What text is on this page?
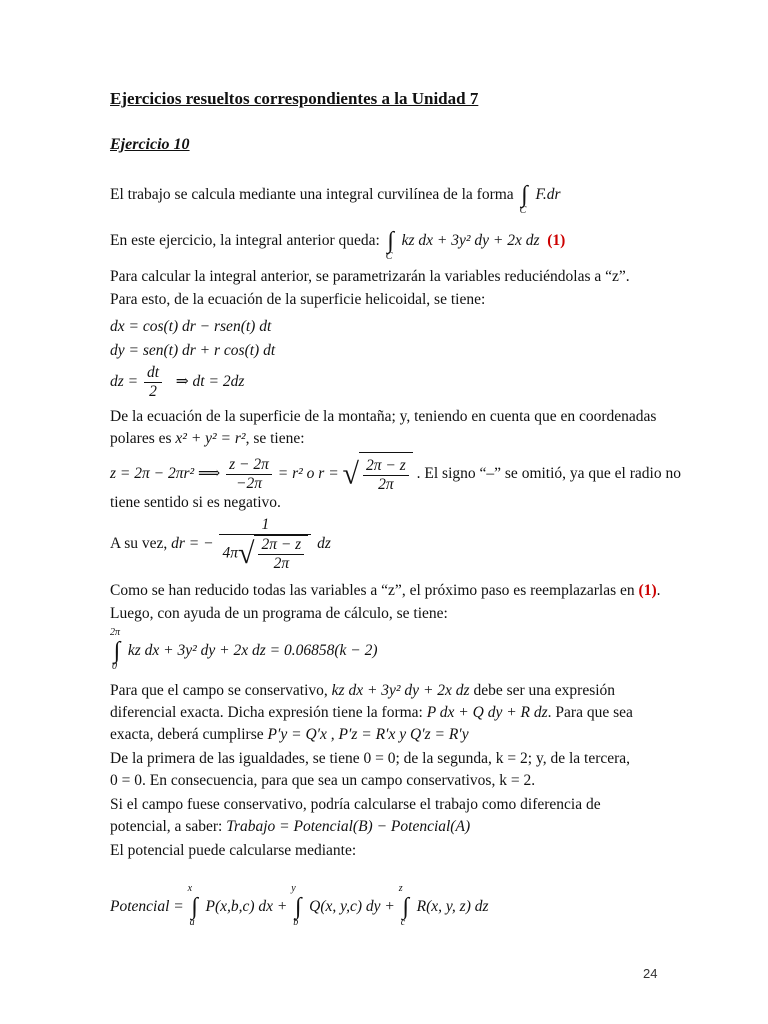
Ejercicios resueltos correspondientes a la Unidad 7
Ejercicio 10
El trabajo se calcula mediante una integral curvilínea de la forma ∫
C
F.dr
En este ejercicio, la integral anterior queda: ∫
C
kz dx + 3y² dy + 2x dz (1)
Para calcular la integral anterior, se parametrizarán la variables reduciéndolas a “z”.
Para esto, de la ecuación de la superficie helicoidal, se tiene:
dx = cos(t) dr − rsen(t) dt
dy = sen(t) dr + r cos(t) dt
dz = $\frac{dt}{2}$ ⇒ dt = 2dz
De la ecuación de la superficie de la montaña; y, teniendo en cuenta que en coordenadas
polares es x² + y² = r², se tiene:
z = 2π − 2πr² ⟹ $\frac{z - 2\pi}{-2\pi} = r^2$ o r = √ $\frac{2\pi - z}{2\pi}$ . El signo “–” se omitió, ya que el radio no
tiene sentido si es negativo.
A su vez, dr = − $\frac{1}{4\pi√ \frac{2\pi - z}{2\pi}}$ dz
Como se han reducido todas las variables a “z”, el próximo paso es reemplazarlas en (1).
Luego, con ayuda de un programa de cálculo, se tiene:
2π
∫
0
kz dx + 3y² dy + 2x dz = 0.06858(k − 2)
Para que el campo se conservativo, kz dx + 3y² dy + 2x dz debe ser una expresión
diferencial exacta. Dicha expresión tiene la forma: P dx + Q dy + R dz. Para que sea
exacta, deberá cumplirse P′y = Q′x , P′z = R′x y Q′z = R′y
De la primera de las igualdades, se tiene 0 = 0; de la segunda, k = 2; y, de la tercera,
0 = 0. En consecuencia, para que sea un campo conservativos, k = 2.
Si el campo fuese conservativo, podría calcularse el trabajo como diferencia de
potencial, a saber: Trabajo = Potencial(B) − Potencial(A)
El potencial puede calcularse mediante:
Potencial =
x
∫
a
P(x,b,c) dx +
y
∫
b
Q(x, y,c) dy +
z
∫
c
R(x, y, z) dz
24
